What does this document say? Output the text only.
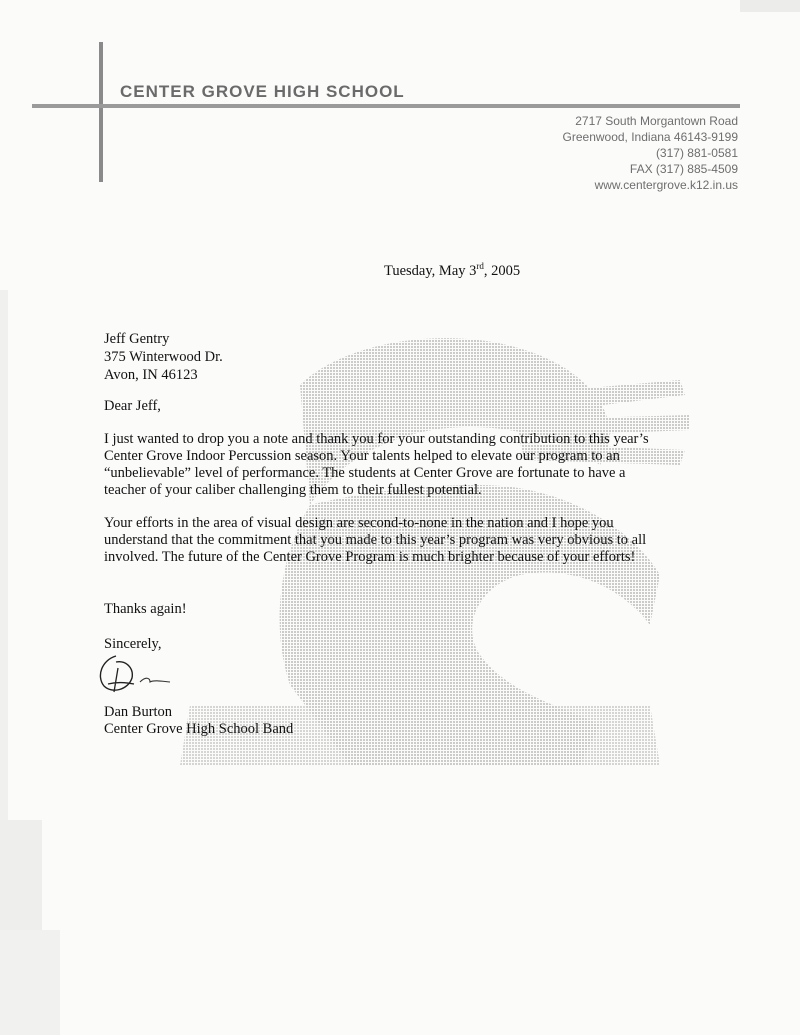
CENTER GROVE HIGH SCHOOL
2717 South Morgantown Road
Greenwood, Indiana 46143-9199
(317) 881-0581
FAX (317) 885-4509
www.centergrove.k12.in.us
Tuesday, May 3rd, 2005
Jeff Gentry
375 Winterwood Dr.
Avon, IN 46123
Dear Jeff,

I just wanted to drop you a note and thank you for your outstanding contribution to this year’s Center Grove Indoor Percussion season. Your talents helped to elevate our program to an “unbelievable” level of performance. The students at Center Grove are fortunate to have a teacher of your caliber challenging them to their fullest potential.

Your efforts in the area of visual design are second-to-none in the nation and I hope you understand that the commitment that you made to this year’s program was very obvious to all involved. The future of the Center Grove Program is much brighter because of your efforts!

Thanks again!
Sincerely,
Dan Burton
Center Grove High School Band
